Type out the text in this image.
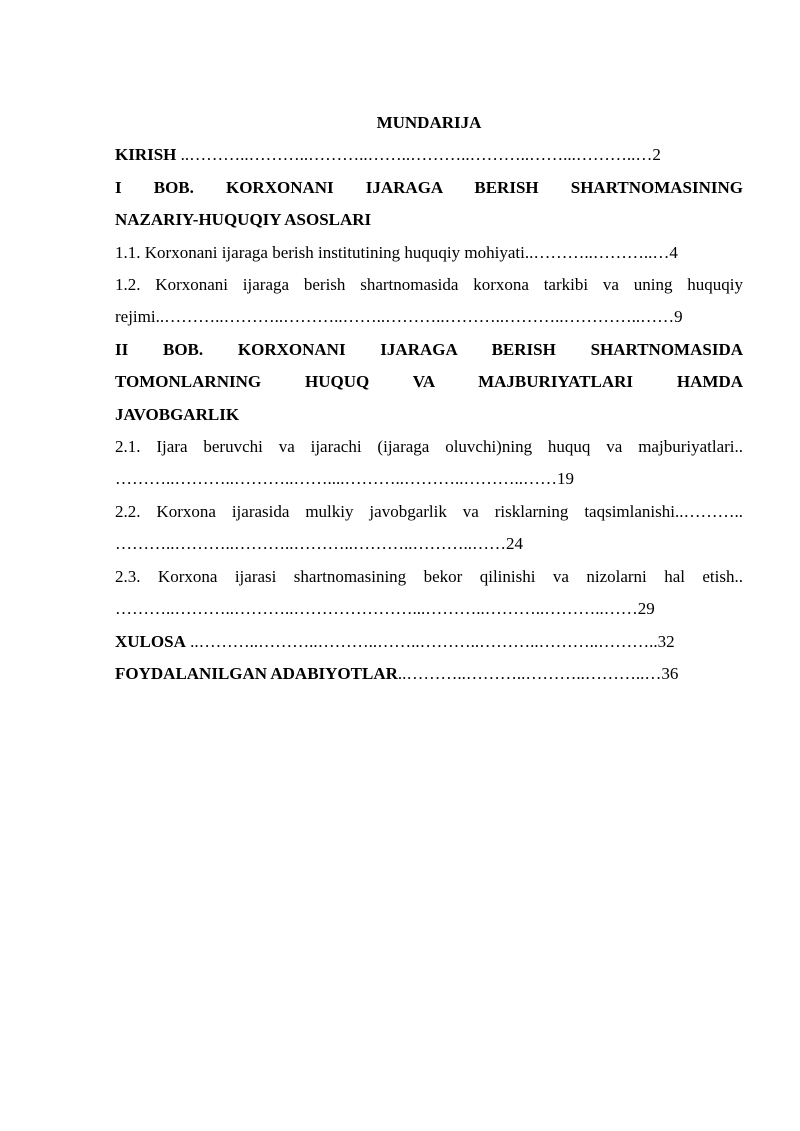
MUNDARIJA

KIRISH ..………..………..………..……..………..………..……...………..…2

I BOB. KORXONANI IJARAGA BERISH SHARTNOMASINING
NAZARIY-HUQUQIY ASOSLARI

1.1. Korxonani ijaragа berish institutining huquqiy mohiyati..………..………..…4

1.2. Korxonani ijaraga berish shartnomasida korxona tarkibi va uning huquqiy
rejimi..………..………..………..……..………..………..………..…………..……9
II BOB. KORXONANI IJARAGA BERISH SHARTNOMASIDA
TOMONLARNING HUQUQ VA MAJBURIYATLARI HAMDA
JAVOBGARLIK
2.1. Ijara beruvchi va ijarachi (ijaraga oluvchi)ning huquq va majburiyatlari..
………..………..………..……....………..………..………..……19
2.2. Korxona ijarasida mulkiy javobgarlik va risklarning taqsimlanishi..………..
………..………..………..………..………..………..……24
2.3. Korxona ijarasi shartnomasining bekor qilinishi va nizolarni hal etish..
………..………..………..…………………...………..………..………..……29

XULOSA ..………..………..………..……..………..………..………..………..32

FOYDALANILGAN ADABIYOTLAR..………..………..………..………..…36
